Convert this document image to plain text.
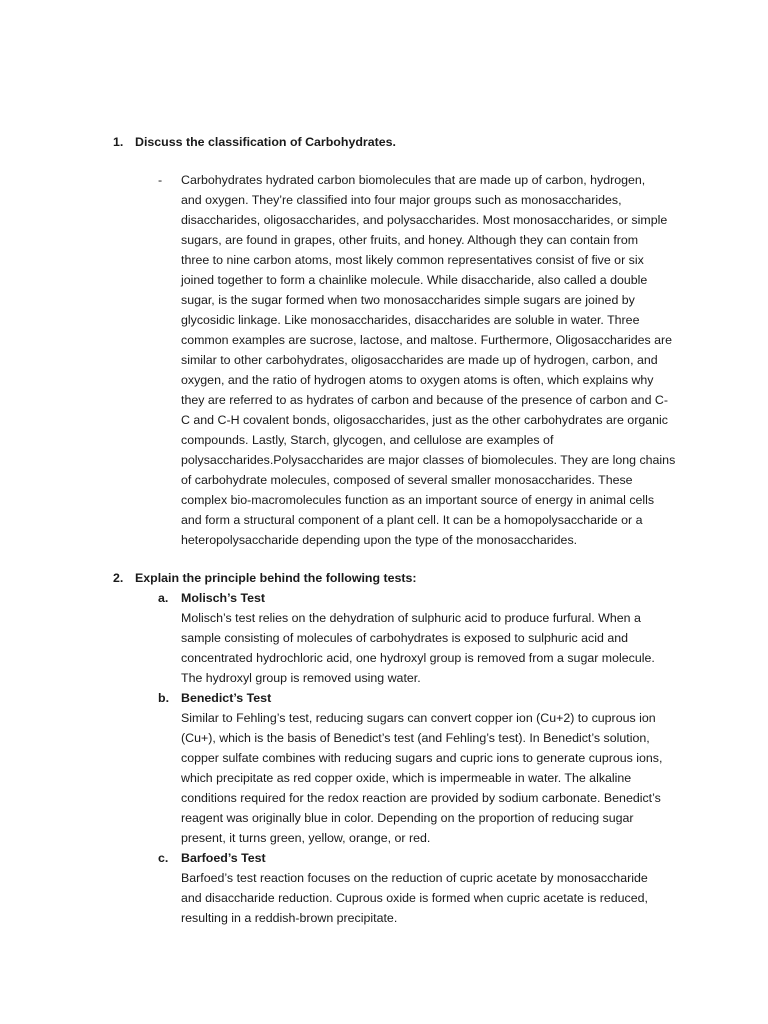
1. Discuss the classification of Carbohydrates.
- Carbohydrates hydrated carbon biomolecules that are made up of carbon, hydrogen,
and oxygen. They’re classified into four major groups such as monosaccharides,
disaccharides, oligosaccharides, and polysaccharides. Most monosaccharides, or simple
sugars, are found in grapes, other fruits, and honey. Although they can contain from
three to nine carbon atoms, most likely common representatives consist of five or six
joined together to form a chainlike molecule. While disaccharide, also called a double
sugar, is the sugar formed when two monosaccharides simple sugars are joined by
glycosidic linkage. Like monosaccharides, disaccharides are soluble in water. Three
common examples are sucrose, lactose, and maltose. Furthermore, Oligosaccharides are
similar to other carbohydrates, oligosaccharides are made up of hydrogen, carbon, and
oxygen, and the ratio of hydrogen atoms to oxygen atoms is often, which explains why
they are referred to as hydrates of carbon and because of the presence of carbon and C-
C and C-H covalent bonds, oligosaccharides, just as the other carbohydrates are organic
compounds. Lastly, Starch, glycogen, and cellulose are examples of
polysaccharides.Polysaccharides are major classes of biomolecules. They are long chains
of carbohydrate molecules, composed of several smaller monosaccharides. These
complex bio-macromolecules function as an important source of energy in animal cells
and form a structural component of a plant cell. It can be a homopolysaccharide or a
heteropolysaccharide depending upon the type of the monosaccharides.
2. Explain the principle behind the following tests:
a. Molisch’s Test
Molisch’s test relies on the dehydration of sulphuric acid to produce furfural. When a
sample consisting of molecules of carbohydrates is exposed to sulphuric acid and
concentrated hydrochloric acid, one hydroxyl group is removed from a sugar molecule.
The hydroxyl group is removed using water.
b. Benedict’s Test
Similar to Fehling’s test, reducing sugars can convert copper ion (Cu+2) to cuprous ion
(Cu+), which is the basis of Benedict’s test (and Fehling’s test). In Benedict’s solution,
copper sulfate combines with reducing sugars and cupric ions to generate cuprous ions,
which precipitate as red copper oxide, which is impermeable in water. The alkaline
conditions required for the redox reaction are provided by sodium carbonate. Benedict’s
reagent was originally blue in color. Depending on the proportion of reducing sugar
present, it turns green, yellow, orange, or red.
c. Barfoed’s Test
Barfoed’s test reaction focuses on the reduction of cupric acetate by monosaccharide
and disaccharide reduction. Cuprous oxide is formed when cupric acetate is reduced,
resulting in a reddish-brown precipitate.
